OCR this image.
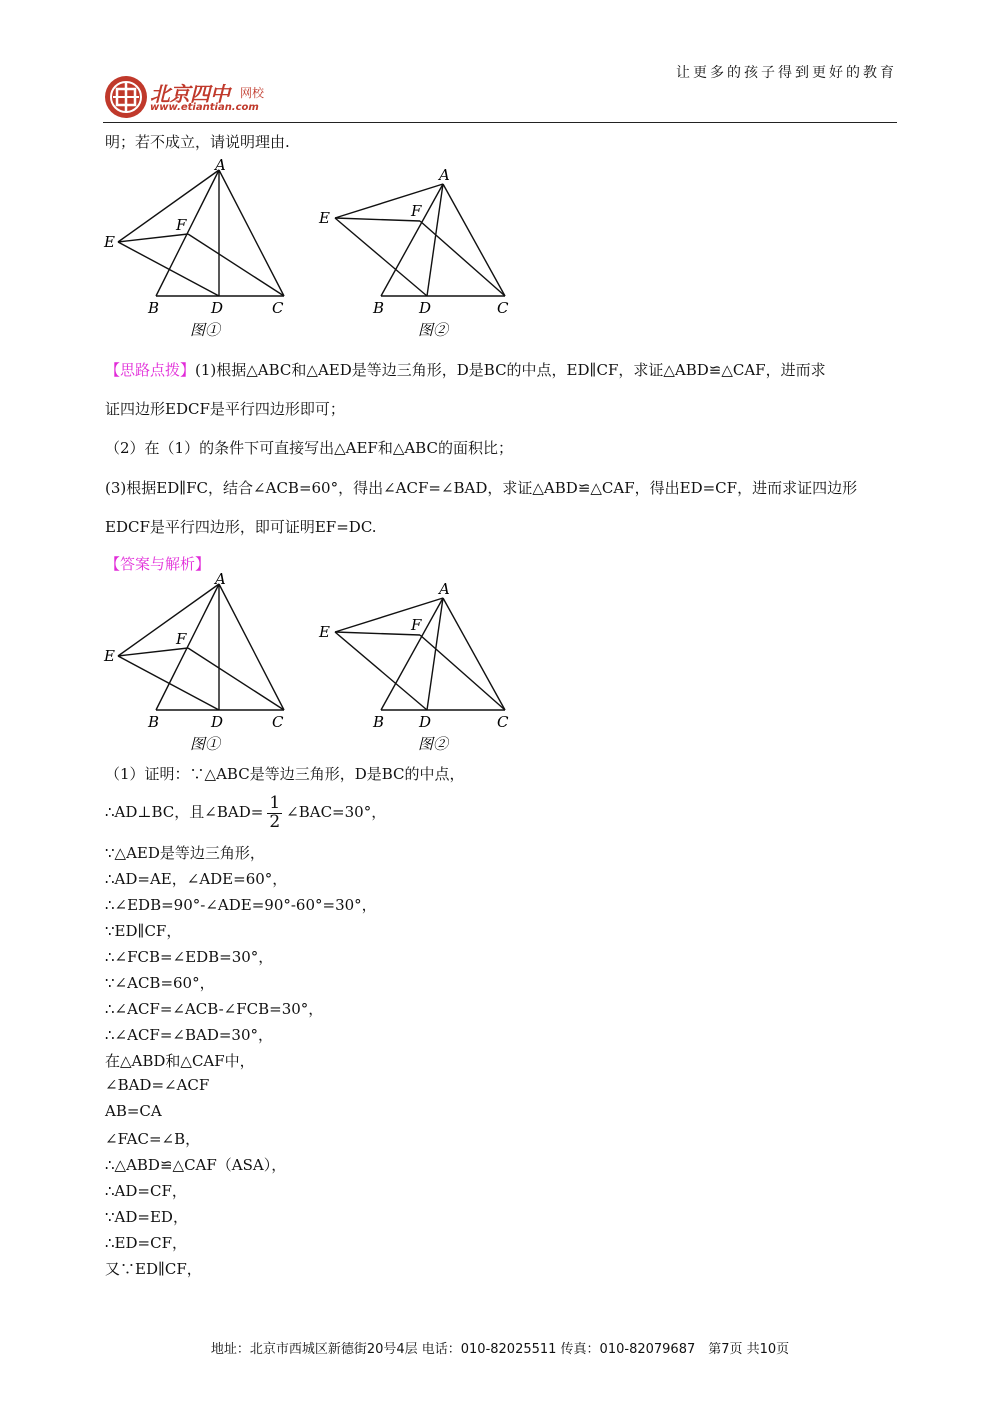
让更多的孩子得到更好的教育
北京四中 网校
www.etiantian.com
明；若不成立，请说明理由.
A
E
F
B	D	C
图①
A
E	F
B D	C
图②
【思路点拨】(1)根据△ABC和△AED是等边三角形，D是BC的中点，ED∥CF，求证△ABD≌△CAF，进而求
证四边形EDCF是平行四边形即可；
（2）在（1）的条件下可直接写出△AEF和△ABC的面积比；
(3)根据ED∥FC，结合∠ACB=60°，得出∠ACF=∠BAD，求证△ABD≌△CAF，得出ED=CF，进而求证四边形
EDCF是平行四边形，即可证明EF=DC.
【答案与解析】
A
E
F
B	D	C
图①
A
E	F
B D	C
图②
（1）证明：∵△ABC是等边三角形，D是BC的中点，
∴AD⊥BC，且∠BAD= $\frac{1}{2}$ ∠BAC=30°，
∵△AED是等边三角形，
∴AD=AE，∠ADE=60°，
∴∠EDB=90°-∠ADE=90°-60°=30°，
∵ED∥CF，
∴∠FCB=∠EDB=30°，
∵∠ACB=60°，
∴∠ACF=∠ACB-∠FCB=30°，
∴∠ACF=∠BAD=30°，
在△ABD和△CAF中，
∠BAD=∠ACF
AB=CA
∠FAC=∠B，
∴△ABD≌△CAF（ASA），
∴AD=CF，
∵AD=ED，
∴ED=CF，
又∵ED∥CF，
地址：北京市西城区新德街20号4层 电话：010-82025511 传真：010-82079687　第7页 共10页
